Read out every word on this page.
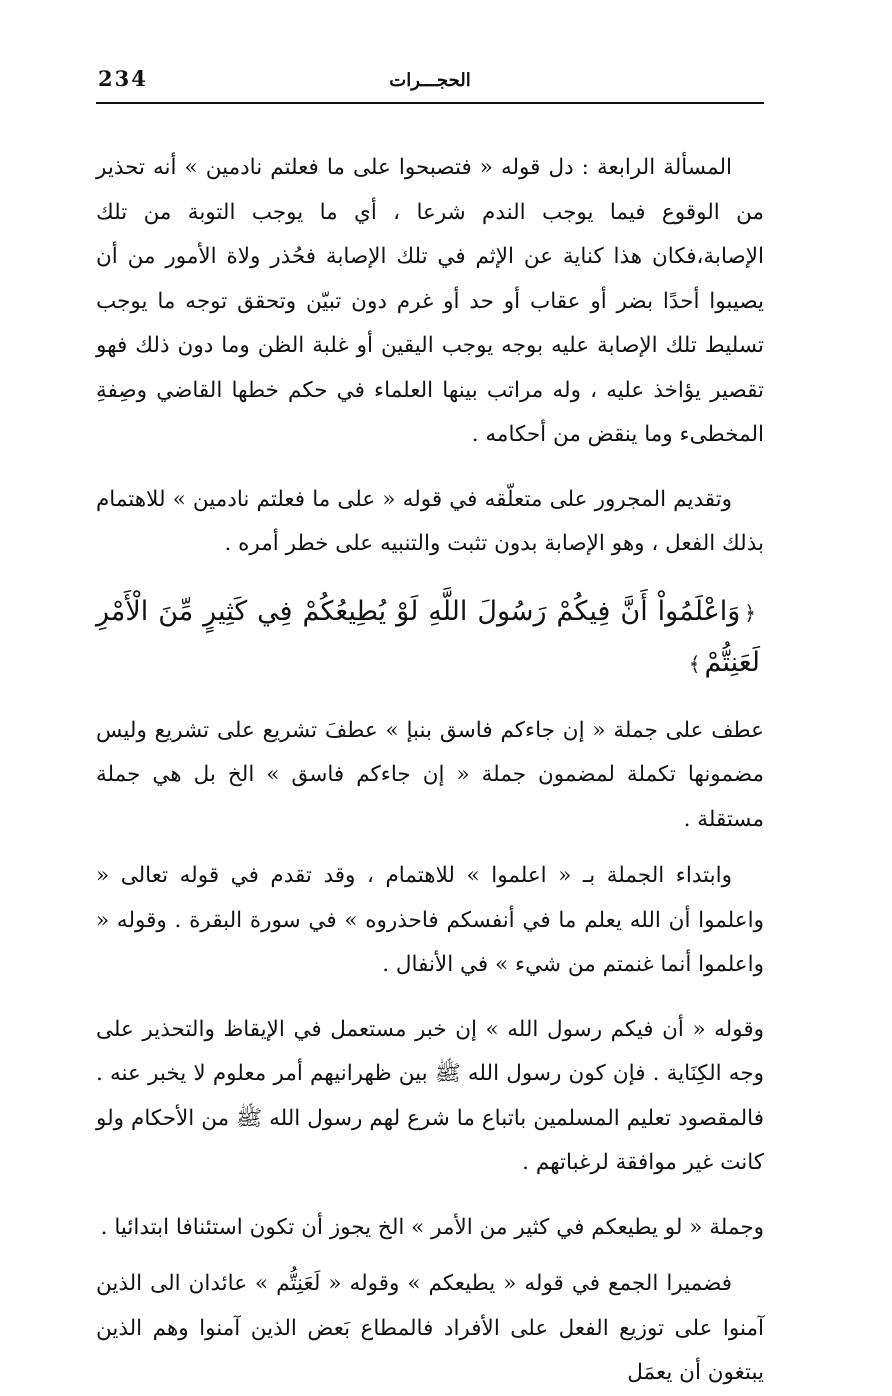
234	الحجـــرات

المسألة الرابعة : دل قوله « فتصبحوا على ما فعلتم نادمين » أنه تحذير من الوقوع فيما يوجب الندم شرعا ، أي ما يوجب التوبة من تلك الإصابة،فكان هذا كناية عن الإثم في تلك الإصابة فحُذر ولاة الأمور من أن يصيبوا أحدًا بضر أو عقاب أو حد أو غرم دون تبيّن وتحقق توجه ما يوجب تسليط تلك الإصابة عليه بوجه يوجب اليقين أو غلبة الظن وما دون ذلك فهو تقصير يؤاخذ عليه ، وله مراتب بينها العلماء في حكم خطها القاضي وصِفةِ المخطىء وما ينقض من أحكامه .

وتقديم المجرور على متعلّقه في قوله « على ما فعلتم نادمين » للاهتمام بذلك الفعل ، وهو الإصابة بدون تثبت والتنبيه على خطر أمره .

﴿وَاعْلَمُواْ أَنَّ فِيكُمْ رَسُولَ اللَّهِ لَوْ يُطِيعُكُمْ فِي كَثِيرٍ مِّنَ الْأَمْرِ لَعَنِتُّمْ﴾

عطف على جملة « إن جاءكم فاسق بنبإ » عطفَ تشريع على تشريع وليس مضمونها تكملة لمضمون جملة « إن جاءكم فاسق » الخ بل هي جملة مستقلة .

وابتداء الجملة بـ « اعلموا » للاهتمام ، وقد تقدم في قوله تعالى « واعلموا أن الله يعلم ما في أنفسكم فاحذروه » في سورة البقرة . وقوله « واعلموا أنما غنمتم من شيء » في الأنفال .

وقوله « أن فيكم رسول الله » إن خبر مستعمل في الإيقاظ والتحذير على وجه الكِنَاية . فإن كون رسول الله ﷺ بين ظهرانيهم أمر معلوم لا يخبر عنه . فالمقصود تعليم المسلمين باتباع ما شرع لهم رسول الله ﷺ من الأحكام ولو كانت غير موافقة لرغباتهم .

وجملة « لو يطيعكم في كثير من الأمر » الخ يجوز أن تكون استئنافا ابتدائيا .

فضميرا الجمع في قوله « يطيعكم » وقوله « لَعَنِتُّم » عائدان الى الذين آمنوا على توزيع الفعل على الأفراد فالمطاع بَعض الذين آمنوا وهم الذين يبتغون أن يعمَل
